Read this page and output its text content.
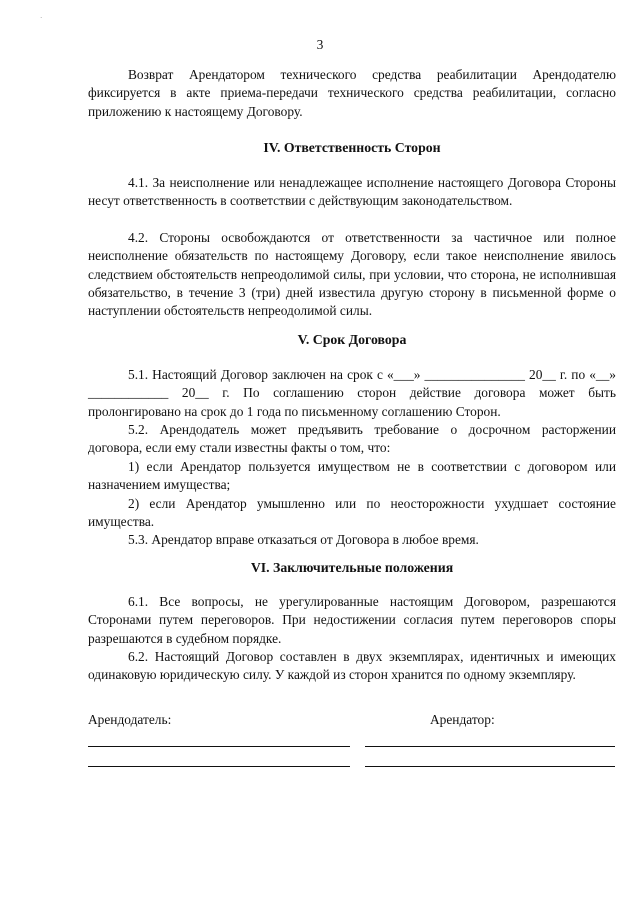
·
3

Возврат Арендатором технического средства реабилитации Арендодателю фиксируется в акте приема-передачи технического средства реабилитации, согласно приложению к настоящему Договору.

IV. Ответственность Сторон

4.1. За неисполнение или ненадлежащее исполнение настоящего Договора Стороны несут ответственность в соответствии с действующим законодательством.

4.2. Стороны освобождаются от ответственности за частичное или полное неисполнение обязательств по настоящему Договору, если такое неисполнение явилось следствием обстоятельств непреодолимой силы, при условии, что сторона, не исполнившая обязательство, в течение 3 (три) дней известила другую сторону в письменной форме о наступлении обстоятельств непреодолимой силы.

V. Срок Договора

5.1. Настоящий Договор заключен на срок с «___» _______________ 20__ г. по «__» ____________ 20__ г. По соглашению сторон действие договора может быть пролонгировано на срок до 1 года по письменному соглашению Сторон.

5.2. Арендодатель может предъявить требование о досрочном расторжении договора, если ему стали известны факты о том, что:

1) если Арендатор пользуется имуществом не в соответствии с договором или назначением имущества;

2) если Арендатор умышленно или по неосторожности ухудшает состояние имущества.

5.3. Арендатор вправе отказаться от Договора в любое время.

VI. Заключительные положения

6.1. Все вопросы, не урегулированные настоящим Договором, разрешаются Сторонами путем переговоров. При недостижении согласия путем переговоров споры разрешаются в судебном порядке.

6.2. Настоящий Договор составлен в двух экземплярах, идентичных и имеющих одинаковую юридическую силу. У каждой из сторон хранится по одному экземпляру.

Арендодатель:	Арендатор:
